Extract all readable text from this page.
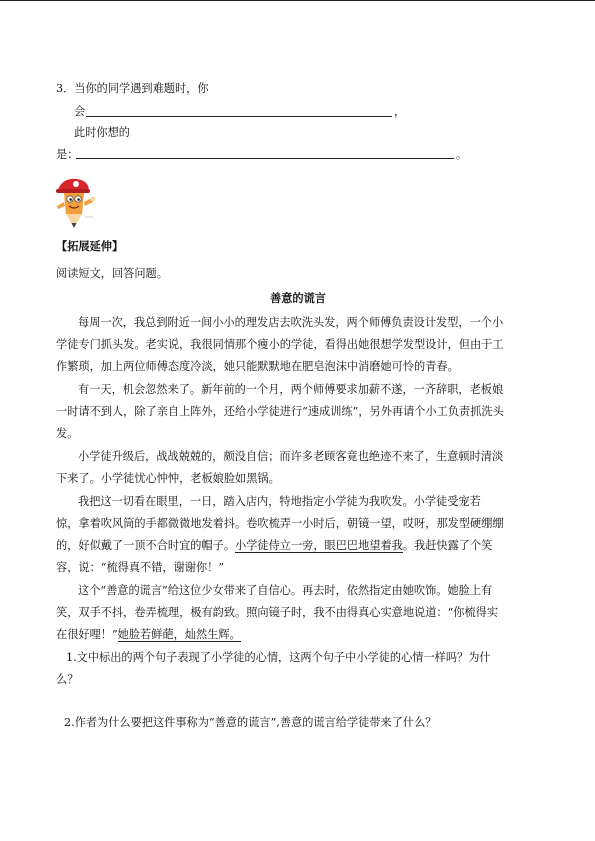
3．当你的同学遇到难题时，你
会	，
此时你想的
是：	。
【拓展延伸】
阅读短文，回答问题。
善意的谎言
每周一次，我总到附近一间小小的理发店去吹洗头发，两个师傅负责设计发型，一个小
学徒专门抓头发。老实说，我很同情那个瘦小的学徒，看得出她很想学发型设计，但由于工
作繁琐，加上两位师傅态度冷淡，她只能默默地在肥皂泡沫中消磨她可怜的青春。
有一天，机会忽然来了。新年前的一个月，两个师傅要求加薪不遂，一齐辞职，老板娘
一时请不到人，除了亲自上阵外，还给小学徒进行“速成训练”，另外再请个小工负责抓洗头
发。
小学徒升级后，战战兢兢的，颇没自信；而许多老顾客竟也绝迹不来了，生意顿时清淡
下来了。小学徒忧心忡忡，老板娘脸如黑锅。
我把这一切看在眼里，一日，踏入店内，特地指定小学徒为我吹发。小学徒受宠若
惊，拿着吹风筒的手都微微地发着抖。卷吹梳弄一小时后，朝镜一望，哎呀，那发型硬绷绷
的，好似戴了一顶不合时宜的帽子。小学徒侍立一旁，眼巴巴地望着我。我赶快露了个笑
容，说：“梳得真不错，谢谢你！”
这个“善意的谎言”给这位少女带来了自信心。再去时，依然指定由她吹饰。她脸上有
笑，双手不抖，卷弄梳理，极有韵致。照向镜子时，我不由得真心实意地说道：“你梳得实
在很好哩！”她脸若鲜葩，灿然生辉。
1.文中标出的两个句子表现了小学徒的心情，这两个句子中小学徒的心情一样吗？为什
么？
2.作者为什么要把这件事称为“善意的谎言”,善意的谎言给学徒带来了什么？
